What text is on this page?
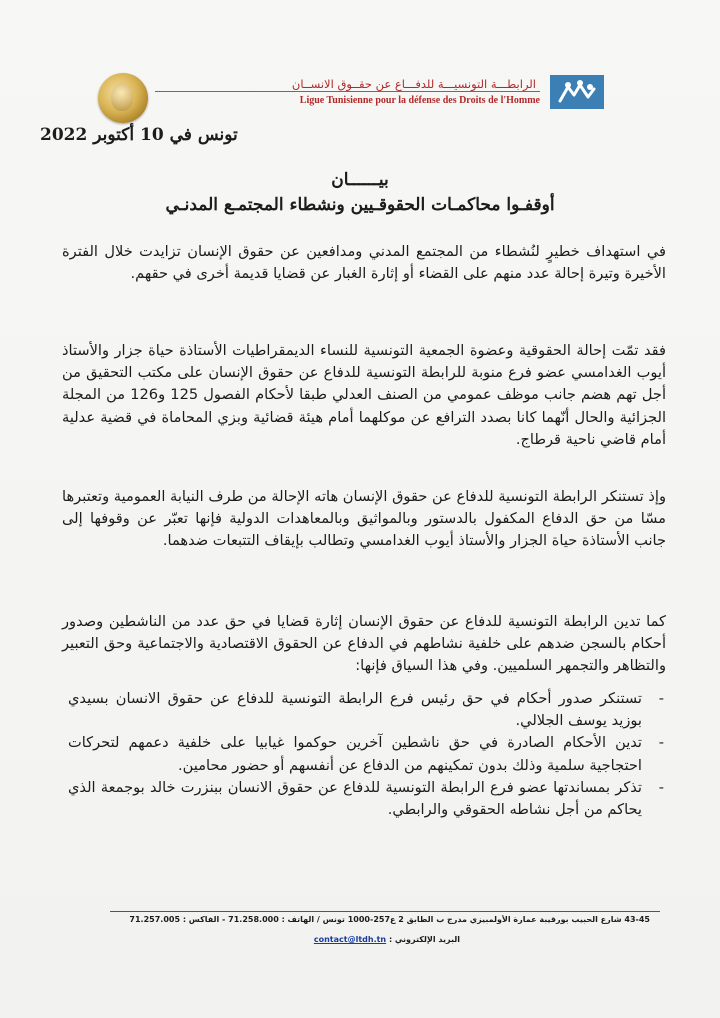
الرابطـــة التونسيـــة للدفـــاع عن حقــوق الانســان
Ligue Tunisienne pour la défense des Droits de l'Homme
تونس في 10 أكتوبر 2022
بيــــــان
أوقفـوا محاكمـات الحقوقـيين ونشطاء المجتمـع المدنـي
في استهداف خطيرٍ لنُشطاء من المجتمع المدني ومدافعين عن حقوق الإنسان تزايدت خلال الفترة الأخيرة وتيرة إحالة عدد منهم على القضاء أو إثارة الغبار عن قضايا قديمة أخرى في حقهم.
فقد تمّت إحالة الحقوقية وعضوة الجمعية التونسية للنساء الديمقراطيات الأستاذة حياة جزار والأستاذ أيوب الغدامسي عضو فرع منوبة للرابطة التونسية للدفاع عن حقوق الإنسان على مكتب التحقيق من أجل تهم هضم جانب موظف عمومي من الصنف العدلي طبقا لأحكام الفصول 125 و126 من المجلة الجزائية والحال أنّهما كانا بصدد الترافع عن موكلهما أمام هيئة قضائية وبزي المحاماة في قضية عدلية أمام قاضي ناحية قرطاج.
وإذ تستنكر الرابطة التونسية للدفاع عن حقوق الإنسان هاته الإحالة من طرف النيابة العمومية وتعتبرها مسّا من حق الدفاع المكفول بالدستور وبالمواثيق وبالمعاهدات الدولية فإنها تعبّر عن وقوفها إلى جانب الأستاذة حياة الجزار والأستاذ أيوب الغدامسي وتطالب بإيقاف التتبعات ضدهما.
كما تدين الرابطة التونسية للدفاع عن حقوق الإنسان إثارة قضايا في حق عدد من الناشطين وصدور أحكام بالسجن ضدهم على خلفية نشاطهم في الدفاع عن الحقوق الاقتصادية والاجتماعية وحق التعبير والتظاهر والتجمهر السلميين. وفي هذا السياق فإنها:
-
تستنكر صدور أحكام في حق رئيس فرع الرابطة التونسية للدفاع عن حقوق الانسان بسيدي بوزيد يوسف الجلالي.
-
تدين الأحكام الصادرة في حق ناشطين آخرين حوكموا غيابيا على خلفية دعمهم لتحركات احتجاجية سلمية وذلك بدون تمكينهم من الدفاع عن أنفسهم أو حضور محامين.
-
تذكر بمساندتها عضو فرع الرابطة التونسية للدفاع عن حقوق الانسان ببنزرت خالد بوجمعة الذي يحاكم من أجل نشاطه الحقوقي والرابطي.
43-45 شارع الحبيب بورقيبة عمارة الأولمبيزي مدرج ب الطابق 2 ع257-1000 تونس / الهاتف : 71.258.000 - الفاكس : 71.257.005
البريد الإلكتروني : contact@ltdh.tn
